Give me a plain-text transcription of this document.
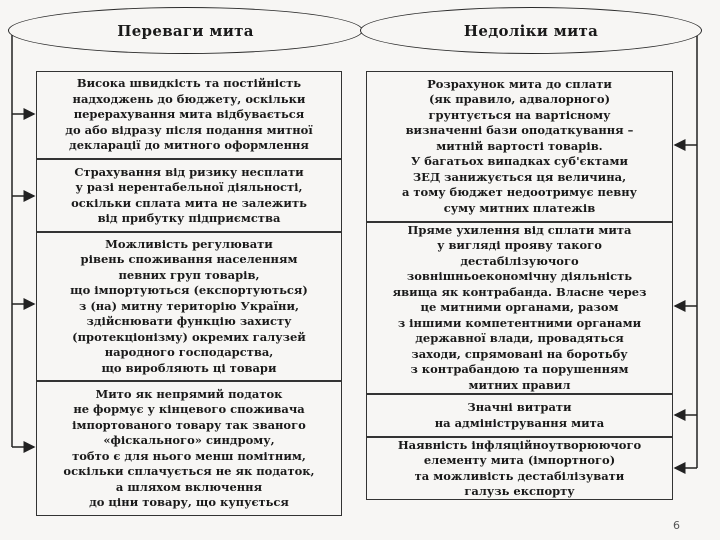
Переваги мита	Недоліки мита
Висока швидкість та постійність
надходжень до бюджету, оскільки
перерахування мита відбувається
до або відразу після подання митної
декларації до митного оформлення
Страхування від ризику несплати
у разі нерентабельної діяльності,
оскільки сплата мита не залежить
від прибутку підприємства
Можливість регулювати
рівень споживання населенням
певних груп товарів,
що імпортуються (експортуються)
з (на) митну територію України,
здійснювати функцію захисту
(протекціонізму) окремих галузей
народного господарства,
що виробляють ці товари
Мито як непрямий податок
не формує у кінцевого споживача
імпортованого товару так званого
«фіскального» синдрому,
тобто є для нього менш помітним,
оскільки сплачується не як податок,
а шляхом включення
до ціни товару, що купується
Розрахунок мита до сплати
(як правило, адвалорного)
грунтується на вартісному
визначенні бази оподаткування –
митній вартості товарів.
У багатьох випадках суб'єктами
ЗЕД занижується ця величина,
а тому бюджет недоотримує певну
суму митних платежів
Пряме ухилення від сплати мита
у вигляді прояву такого
дестабілізуючого
зовнішньоекономічну діяльність
явища як контрабанда. Власне через
це митними органами, разом
з іншими компетентними органами
державної влади, провадяться
заходи, спрямовані на боротьбу
з контрабандою та порушенням
митних правил
Значні витрати
на адміністрування мита
Наявність інфляційноутворюючого
елементу мита (імпортного)
та можливість дестабілізувати
галузь експорту
6
